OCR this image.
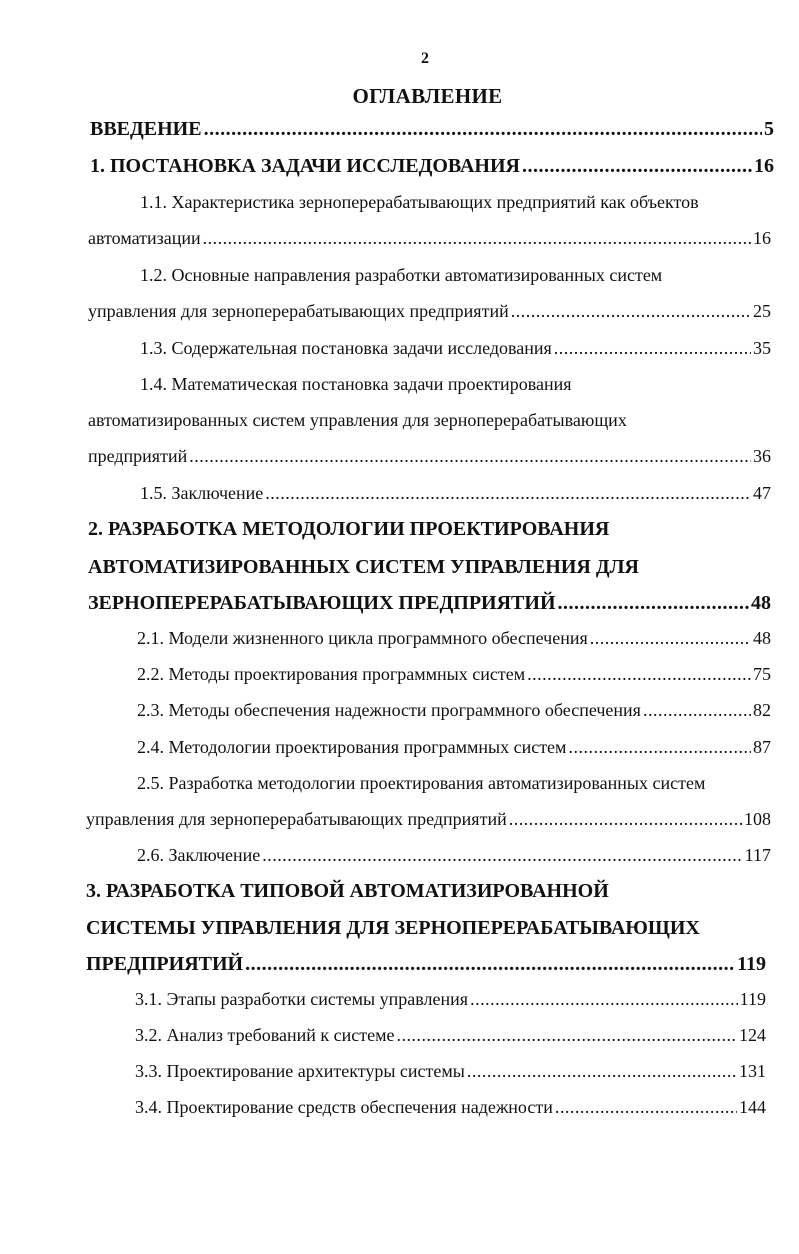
2
ОГЛАВЛЕНИЕ
ВВЕДЕНИЕ .....	5
1. ПОСТАНОВКА ЗАДАЧИ ИССЛЕДОВАНИЯ .....	16
1.1. Характеристика зерноперерабатывающих предприятий как объектов
автоматизации .....	16
1.2. Основные направления разработки автоматизированных систем
управления для зерноперерабатывающих предприятий .....	25
1.3. Содержательная постановка задачи исследования .....	35
1.4. Математическая постановка задачи проектирования
автоматизированных систем управления для зерноперерабатывающих
предприятий .....	36
1.5. Заключение .....	47
2. РАЗРАБОТКА МЕТОДОЛОГИИ ПРОЕКТИРОВАНИЯ
АВТОМАТИЗИРОВАННЫХ СИСТЕМ УПРАВЛЕНИЯ ДЛЯ
ЗЕРНОПЕРЕРАБАТЫВАЮЩИХ ПРЕДПРИЯТИЙ .....	48
2.1. Модели жизненного цикла программного обеспечения .....	48
2.2. Методы проектирования программных систем .....	75
2.3. Методы обеспечения надежности программного обеспечения .....	82
2.4. Методологии проектирования программных систем .....	87
2.5. Разработка методологии проектирования автоматизированных систем
управления для зерноперерабатывающих предприятий .....	108
2.6. Заключение .....	117
3. РАЗРАБОТКА ТИПОВОЙ АВТОМАТИЗИРОВАННОЙ
СИСТЕМЫ УПРАВЛЕНИЯ ДЛЯ ЗЕРНОПЕРЕРАБАТЫВАЮЩИХ
ПРЕДПРИЯТИЙ .....	119
3.1. Этапы разработки системы управления .....	119
3.2. Анализ требований к системе .....	124
3.3. Проектирование архитектуры системы .....	131
3.4. Проектирование средств обеспечения надежности .....	144
